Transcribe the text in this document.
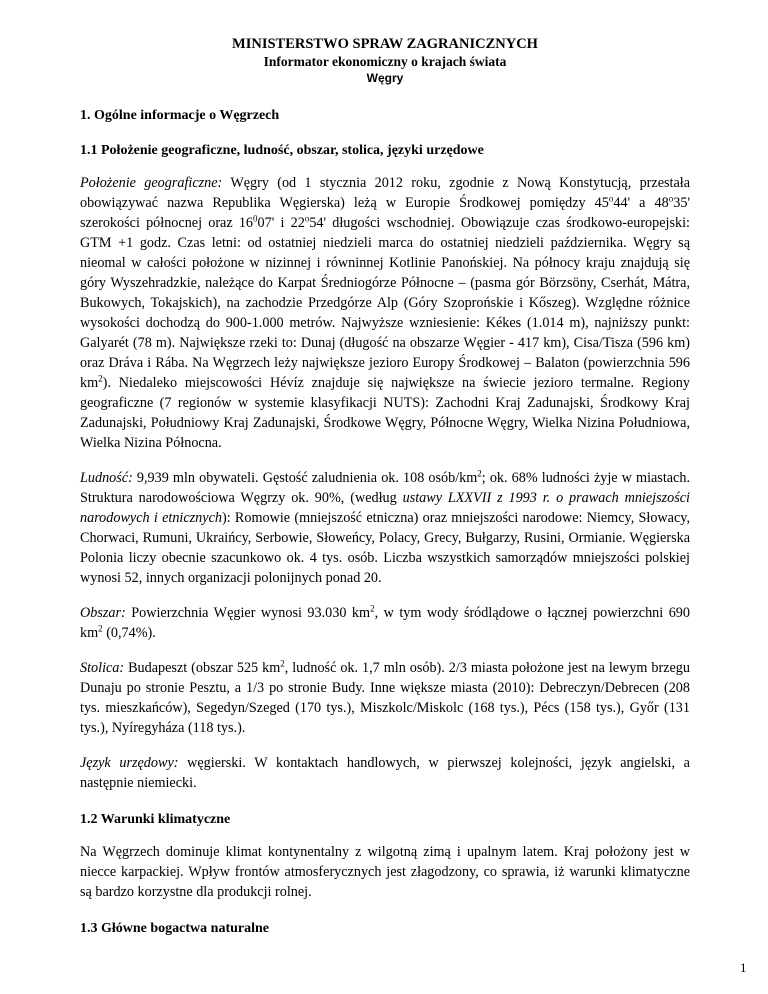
MINISTERSTWO SPRAW ZAGRANICZNYCH
Informator ekonomiczny o krajach świata
Węgry
1. Ogólne informacje o Węgrzech
1.1 Położenie geograficzne, ludność, obszar, stolica, języki urzędowe

Położenie geograficzne: Węgry (od 1 stycznia 2012 roku, zgodnie z Nową Konstytucją, przestała obowiązywać nazwa Republika Węgierska) leżą w Europie Środkowej pomiędzy 45$^o$44' a 48$^o$35' szerokości północnej oraz $16^007'$ i 22$^o$54' długości wschodniej. Obowiązuje czas środkowo-europejski: GTM +1 godz. Czas letni: od ostatniej niedzieli marca do ostatniej niedzieli października. Węgry są nieomal w całości położone w nizinnej i równinnej Kotlinie Panońskiej. Na północy kraju znajdują się góry Wyszehradzkie, należące do Karpat Średniogórze Północne – (pasma gór Börzsöny, Cserhát, Mátra, Bukowych, Tokajskich), na zachodzie Przedgórze Alp (Góry Szoprońskie i Kőszeg). Względne różnice wysokości dochodzą do 900-1.000 metrów. Najwyższe wzniesienie: Kékes (1.014 m), najniższy punkt: Galyarét (78 m). Największe rzeki to: Dunaj (długość na obszarze Węgier - 417 km), Cisa/Tisza (596 km) oraz Dráva i Rába. Na Węgrzech leży największe jezioro Europy Środkowej – Balaton (powierzchnia 596 $km^2$). Niedaleko miejscowości Hévíz znajduje się największe na świecie jezioro termalne. Regiony geograficzne (7 regionów w systemie klasyfikacji NUTS): Zachodni Kraj Zadunajski, Środkowy Kraj Zadunajski, Południowy Kraj Zadunajski, Środkowe Węgry, Północne Węgry, Wielka Nizina Południowa, Wielka Nizina Północna.

Ludność: 9,939 mln obywateli. Gęstość zaludnienia ok. 108 osób/$km^2$; ok. 68% ludności żyje w miastach. Struktura narodowościowa Węgrzy ok. 90%, (według ustawy LXXVII z 1993 r. o prawach mniejszości narodowych i etnicznych): Romowie (mniejszość etniczna) oraz mniejszości narodowe: Niemcy, Słowacy, Chorwaci, Rumuni, Ukraińcy, Serbowie, Słoweńcy, Polacy, Grecy, Bułgarzy, Rusini, Ormianie. Węgierska Polonia liczy obecnie szacunkowo ok. 4 tys. osób. Liczba wszystkich samorządów mniejszości polskiej wynosi 52, innych organizacji polonijnych ponad 20.

Obszar: Powierzchnia Węgier wynosi 93.030 $km^2$, w tym wody śródlądowe o łącznej powierzchni 690 $km^2$ (0,74%).

Stolica: Budapeszt (obszar 525 $km^2$, ludność ok. 1,7 mln osób). 2/3 miasta położone jest na lewym brzegu Dunaju po stronie Pesztu, a 1/3 po stronie Budy. Inne większe miasta (2010): Debreczyn/Debrecen (208 tys. mieszkańców), Segedyn/Szeged (170 tys.), Miszkolc/Miskolc (168 tys.), Pécs (158 tys.), Győr (131 tys.), Nyíregyháza (118 tys.).

Język urzędowy: węgierski. W kontaktach handlowych, w pierwszej kolejności, język angielski, a następnie niemiecki.

1.2 Warunki klimatyczne

Na Węgrzech dominuje klimat kontynentalny z wilgotną zimą i upalnym latem. Kraj położony jest w niecce karpackiej. Wpływ frontów atmosferycznych jest złagodzony, co sprawia, iż warunki klimatyczne są bardzo korzystne dla produkcji rolnej.

1.3 Główne bogactwa naturalne
1
